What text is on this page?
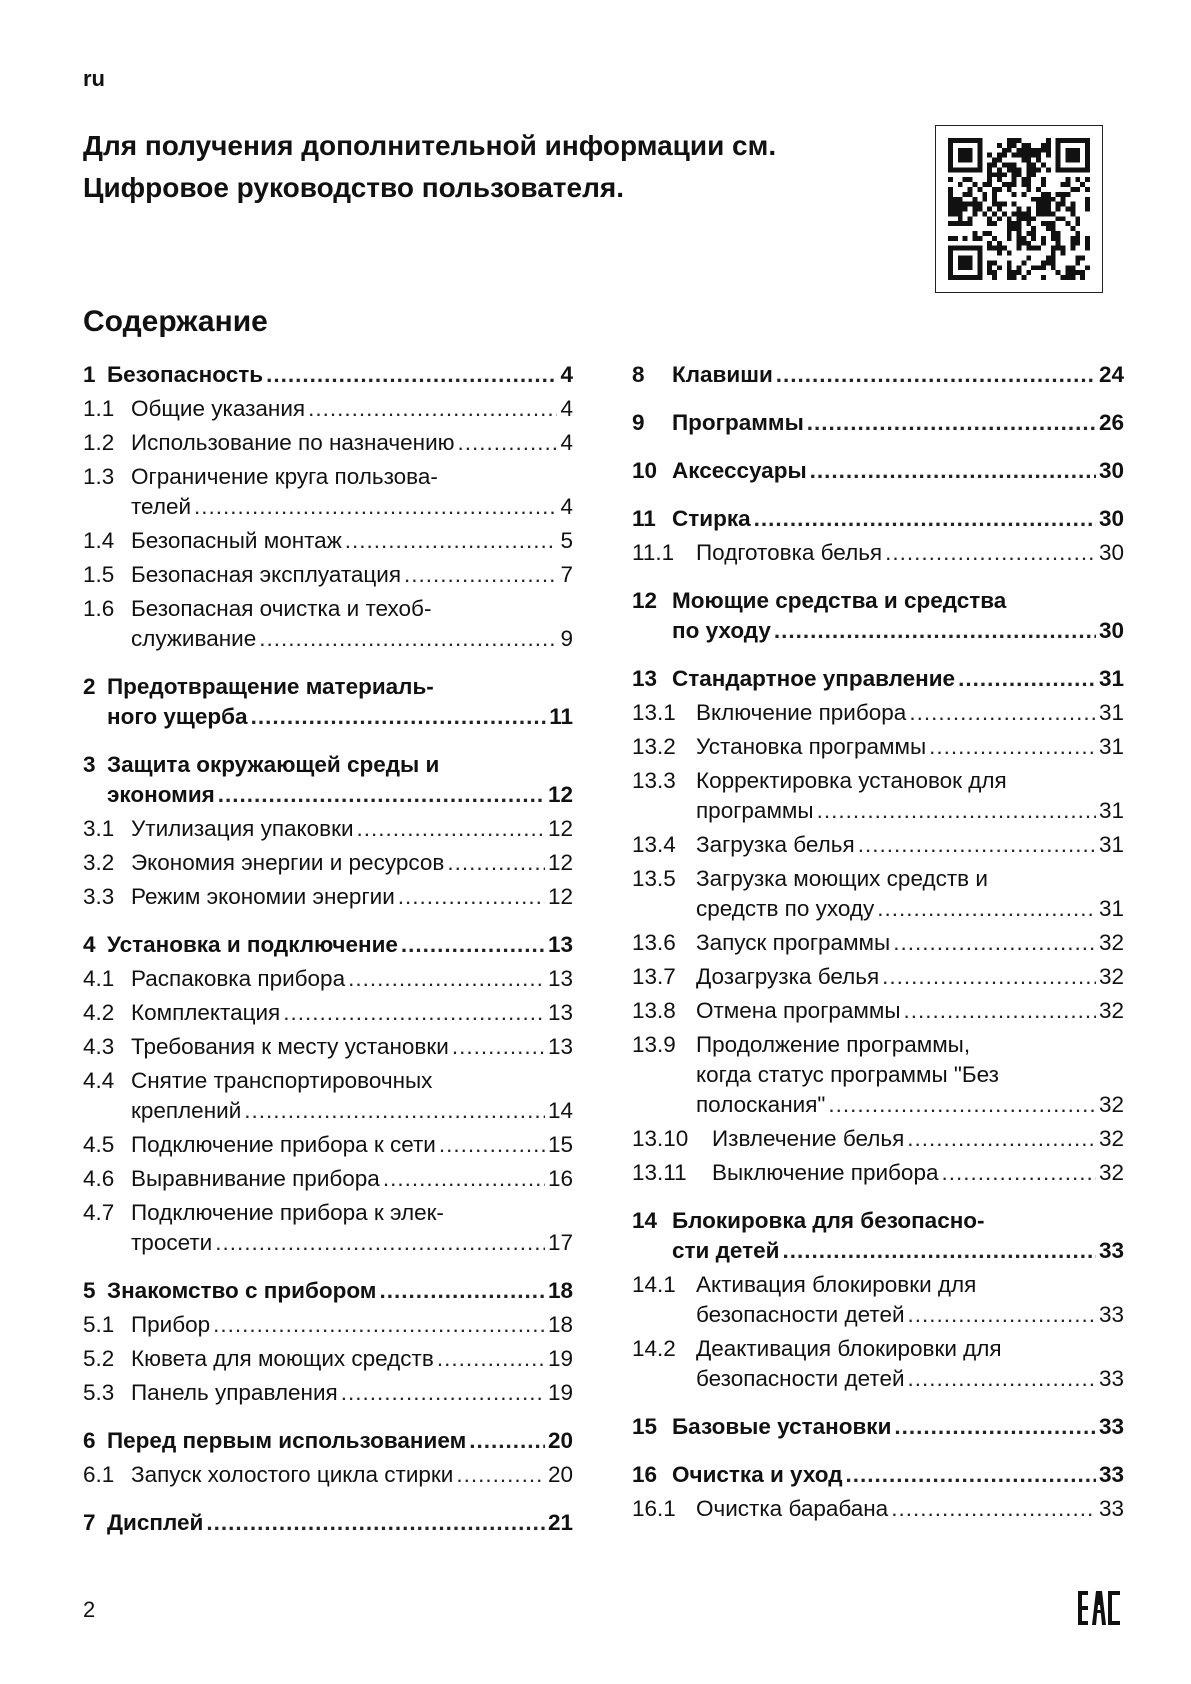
ru
Для получения дополнительной информации см.
Цифровое руководство пользователя.
Содержание
1 Безопасность .....	4
1.1 Общие указания .....	4
1.2 Использование по назначению .....	4
1.3 Ограничение круга пользова-
телей .....	4
1.4 Безопасный монтаж .....	5
1.5 Безопасная эксплуатация .....	7
1.6 Безопасная очистка и техоб-
служивание .....	9
2 Предотвращение материаль-
ного ущерба .....	11
3 Защита окружающей среды и
экономия .....	12
3.1 Утилизация упаковки .....	12
3.2 Экономия энергии и ресурсов .....	12
3.3 Режим экономии энергии .....	12
4 Установка и подключение .....	13
4.1 Распаковка прибора .....	13
4.2 Комплектация .....	13
4.3 Требования к месту установки .....	13
4.4 Снятие транспортировочных
креплений .....	14
4.5 Подключение прибора к сети .....	15
4.6 Выравнивание прибора .....	16
4.7 Подключение прибора к элек-
тросети .....	17
5 Знакомство с прибором .....	18
5.1 Прибор .....	18
5.2 Кювета для моющих средств .....	19
5.3 Панель управления .....	19
6 Перед первым использованием .....	20
6.1 Запуск холостого цикла стирки .....	20
7 Дисплей .....	21
8	Клавиши .....	24
9	Программы .....	26
10 Аксессуары .....	30
11 Стирка .....	30
11.1 Подготовка белья .....	30
12 Моющие средства и средства
по уходу .....	30
13 Стандартное управление .....	31
13.1 Включение прибора .....	31
13.2 Установка программы .....	31
13.3 Корректировка установок для
программы .....	31
13.4 Загрузка белья .....	31
13.5 Загрузка моющих средств и
средств по уходу .....	31
13.6 Запуск программы .....	32
13.7 Дозагрузка белья .....	32
13.8 Отмена программы .....	32
13.9 Продолжение программы,
когда статус программы "Без
полоскания" .....	32
13.10	Извлечение белья .....	32
13.11	Выключение прибора .....	32
14 Блокировка для безопасно-
сти детей .....	33
14.1 Активация блокировки для
безопасности детей .....	33
14.2 Деактивация блокировки для
безопасности детей .....	33
15 Базовые установки .....	33
16 Очистка и уход .....	33
16.1 Очистка барабана .....	33
2
